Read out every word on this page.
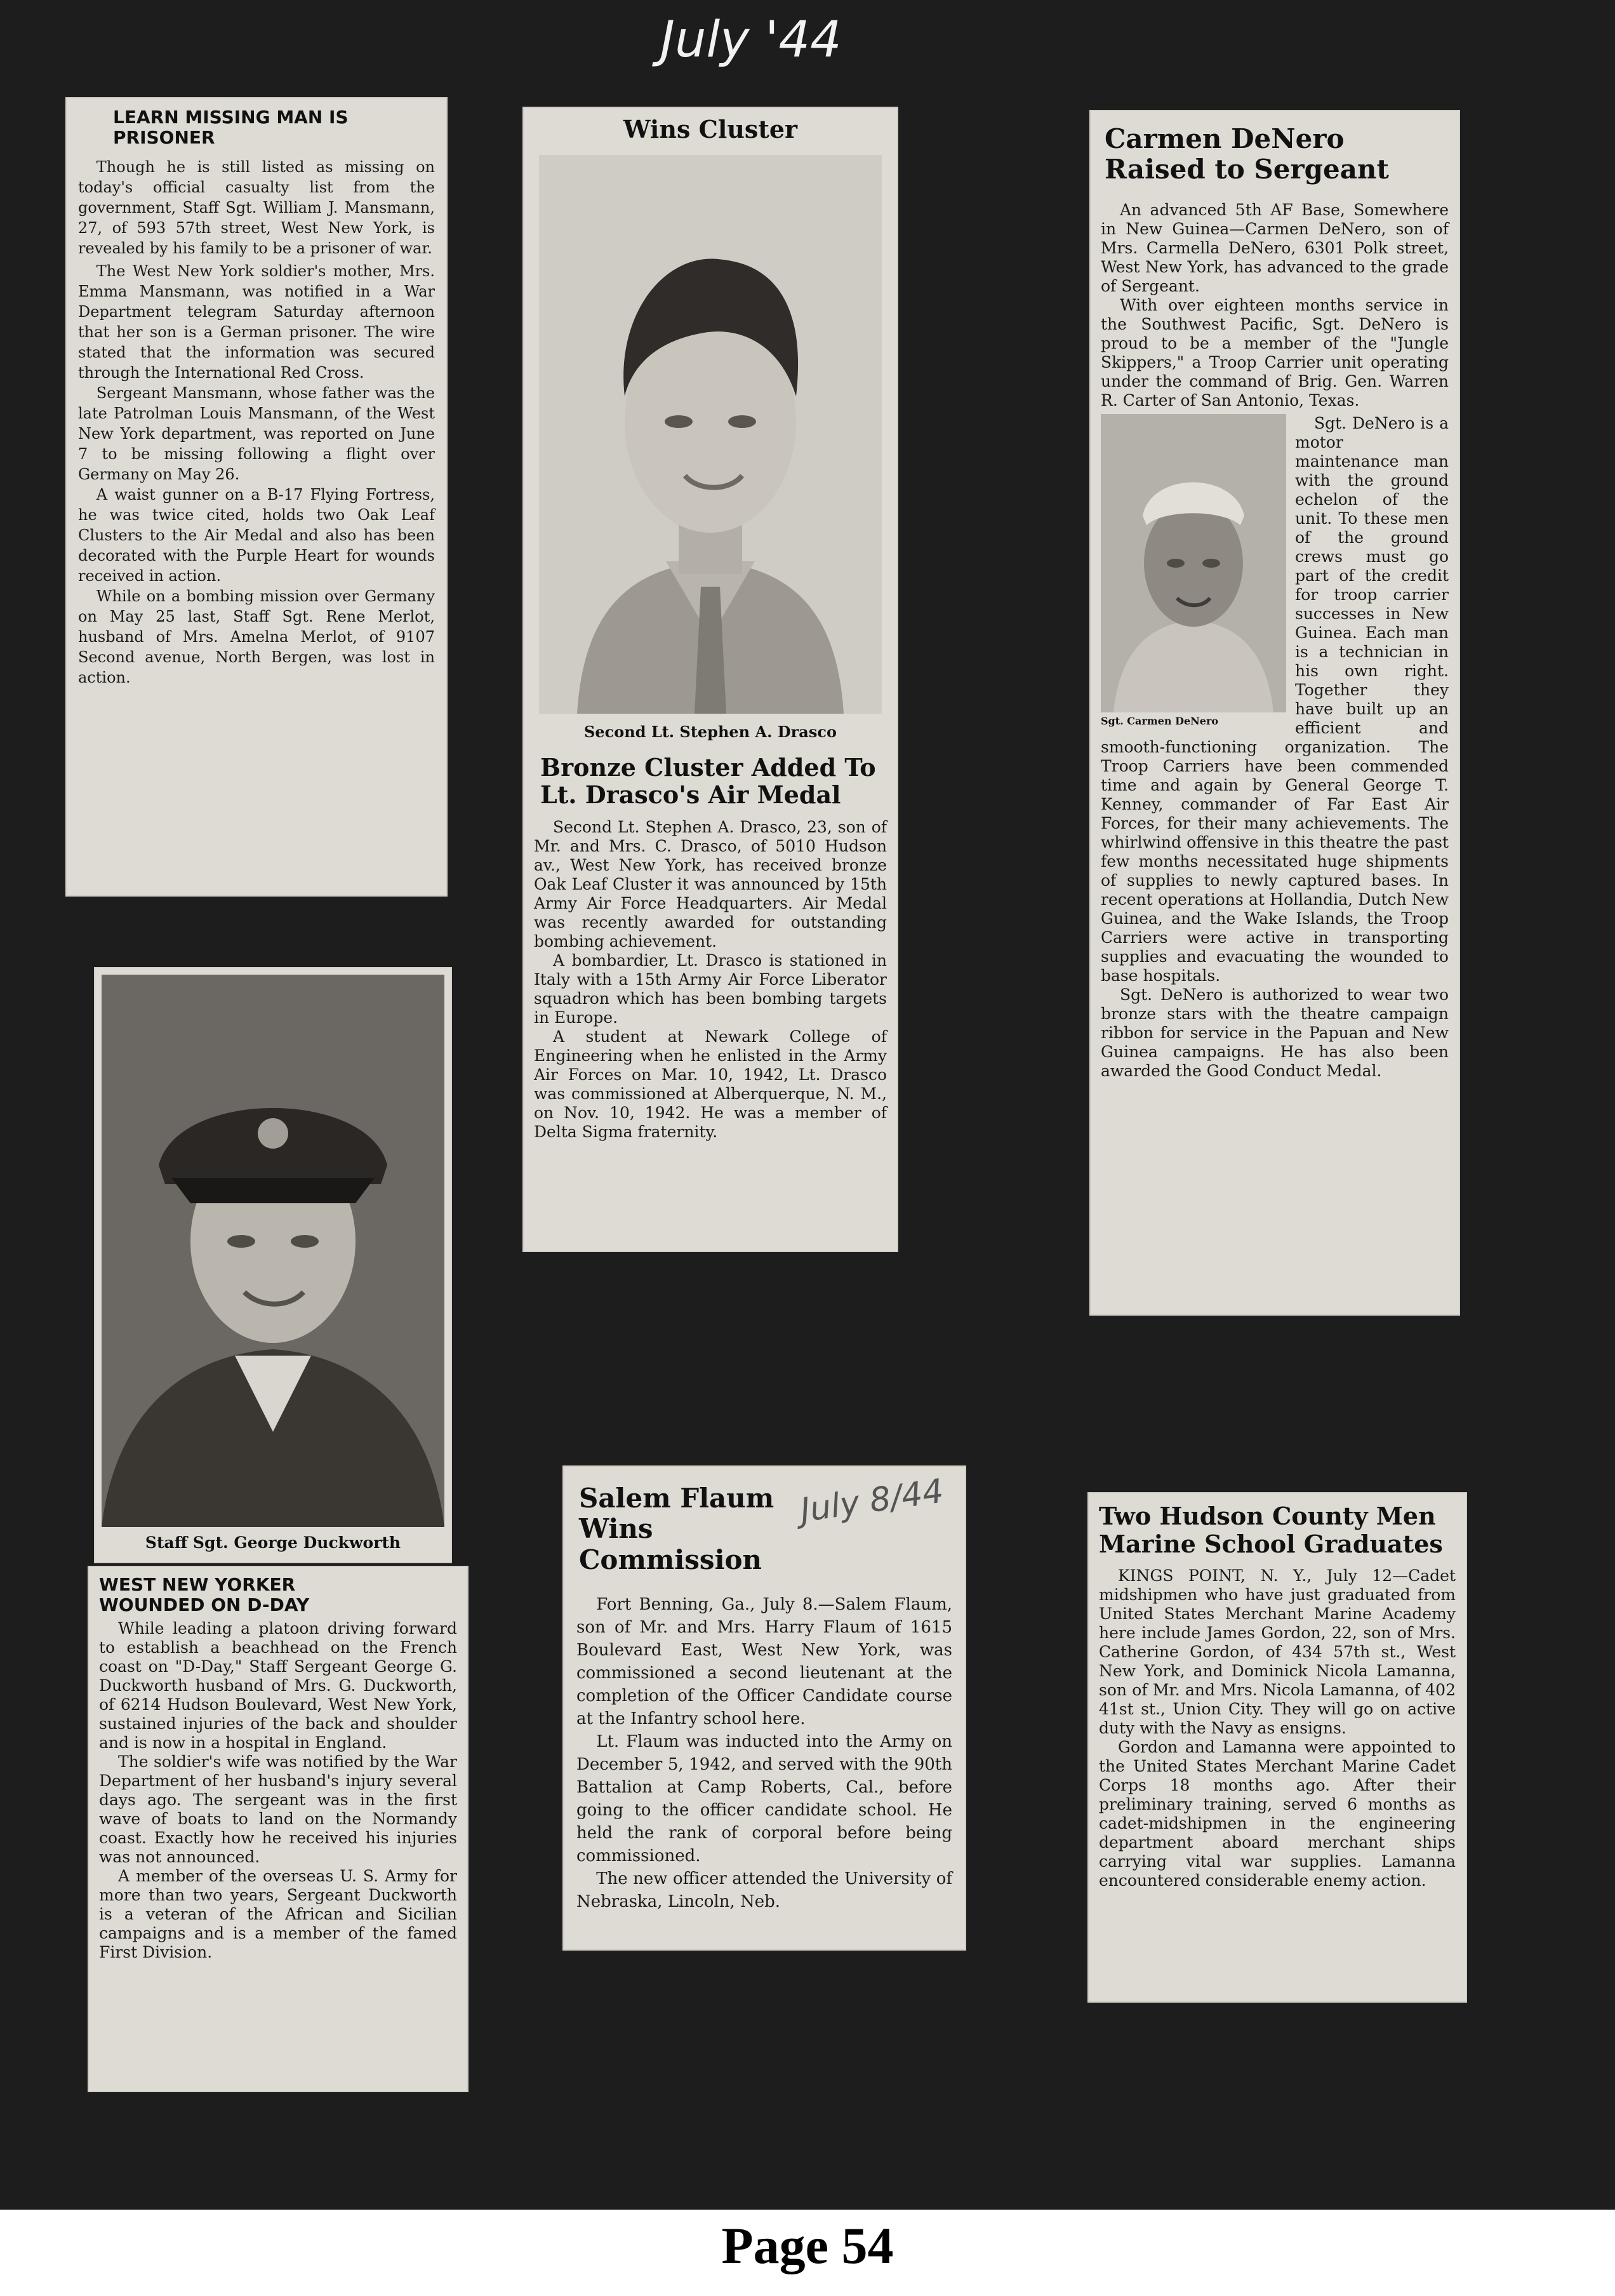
July '44
LEARN MISSING MAN IS PRISONER

Though he is still listed as missing on today's official casualty list from the government, Staff Sgt. William J. Mansmann, 27, of 593 57th street, West New York, is revealed by his family to be a prisoner of war.

The West New York soldier's mother, Mrs. Emma Mansmann, was notified in a War Department telegram Saturday afternoon that her son is a German prisoner. The wire stated that the information was secured through the International Red Cross.

Sergeant Mansmann, whose father was the late Patrolman Louis Mansmann, of the West New York department, was reported on June 7 to be missing following a flight over Germany on May 26.

A waist gunner on a B-17 Flying Fortress, he was twice cited, holds two Oak Leaf Clusters to the Air Medal and also has been decorated with the Purple Heart for wounds received in action.

While on a bombing mission over Germany on May 25 last, Staff Sgt. Rene Merlot, husband of Mrs. Amelna Merlot, of 9107 Second avenue, North Bergen, was lost in action.

Wins Cluster
Second Lt. Stephen A. Drasco
Bronze Cluster Added To Lt. Drasco's Air Medal

Second Lt. Stephen A. Drasco, 23, son of Mr. and Mrs. C. Drasco, of 5010 Hudson av., West New York, has received bronze Oak Leaf Cluster it was announced by 15th Army Air Force Headquarters. Air Medal was recently awarded for outstanding bombing achievement.

A bombardier, Lt. Drasco is stationed in Italy with a 15th Army Air Force Liberator squadron which has been bombing targets in Europe.

A student at Newark College of Engineering when he enlisted in the Army Air Forces on Mar. 10, 1942, Lt. Drasco was commissioned at Alberquerque, N. M., on Nov. 10, 1942. He was a member of Delta Sigma fraternity.

Carmen DeNero Raised to Sergeant

An advanced 5th AF Base, Somewhere in New Guinea—Carmen DeNero, son of Mrs. Carmella DeNero, 6301 Polk street, West New York, has advanced to the grade of Sergeant.

With over eighteen months service in the Southwest Pacific, Sgt. DeNero is proud to be a member of the "Jungle Skippers," a Troop Carrier unit operating under the command of Brig. Gen. Warren R. Carter of San Antonio, Texas.

Sgt. Carmen DeNero

Sgt. DeNero is a motor maintenance man with the ground echelon of the unit. To these men of the ground crews must go part of the credit for troop carrier successes in New Guinea. Each man is a technician in his own right. Together they have built up an efficient and smooth-functioning organization. The Troop Carriers have been commended time and again by General George T. Kenney, commander of Far East Air Forces, for their many achievements. The whirlwind offensive in this theatre the past few months necessitated huge shipments of supplies to newly captured bases. In recent operations at Hollandia, Dutch New Guinea, and the Wake Islands, the Troop Carriers were active in transporting supplies and evacuating the wounded to base hospitals.

Sgt. DeNero is authorized to wear two bronze stars with the theatre campaign ribbon for service in the Papuan and New Guinea campaigns. He has also been awarded the Good Conduct Medal.

Staff Sgt. George Duckworth
WEST NEW YORKER WOUNDED ON D-DAY

While leading a platoon driving forward to establish a beachhead on the French coast on "D-Day," Staff Sergeant George G. Duckworth husband of Mrs. G. Duckworth, of 6214 Hudson Boulevard, West New York, sustained injuries of the back and shoulder and is now in a hospital in England.

The soldier's wife was notified by the War Department of her husband's injury several days ago. The sergeant was in the first wave of boats to land on the Normandy coast. Exactly how he received his injuries was not announced.

A member of the overseas U. S. Army for more than two years, Sergeant Duckworth is a veteran of the African and Sicilian campaigns and is a member of the famed First Division.

Salem Flaum Wins Commission

Fort Benning, Ga., July 8.—Salem Flaum, son of Mr. and Mrs. Harry Flaum of 1615 Boulevard East, West New York, was commissioned a second lieutenant at the completion of the Officer Candidate course at the Infantry school here.

Lt. Flaum was inducted into the Army on December 5, 1942, and served with the 90th Battalion at Camp Roberts, Cal., before going to the officer candidate school. He held the rank of corporal before being commissioned.

The new officer attended the University of Nebraska, Lincoln, Neb.

July 8/44	Two Hudson County Men Marine School Graduates

KINGS POINT, N. Y., July 12—Cadet midshipmen who have just graduated from United States Merchant Marine Academy here include James Gordon, 22, son of Mrs. Catherine Gordon, of 434 57th st., West New York, and Dominick Nicola Lamanna, son of Mr. and Mrs. Nicola Lamanna, of 402 41st st., Union City. They will go on active duty with the Navy as ensigns.

Gordon and Lamanna were appointed to the United States Merchant Marine Cadet Corps 18 months ago. After their preliminary training, served 6 months as cadet-midshipmen in the engineering department aboard merchant ships carrying vital war supplies. Lamanna encountered considerable enemy action.

Page 54
